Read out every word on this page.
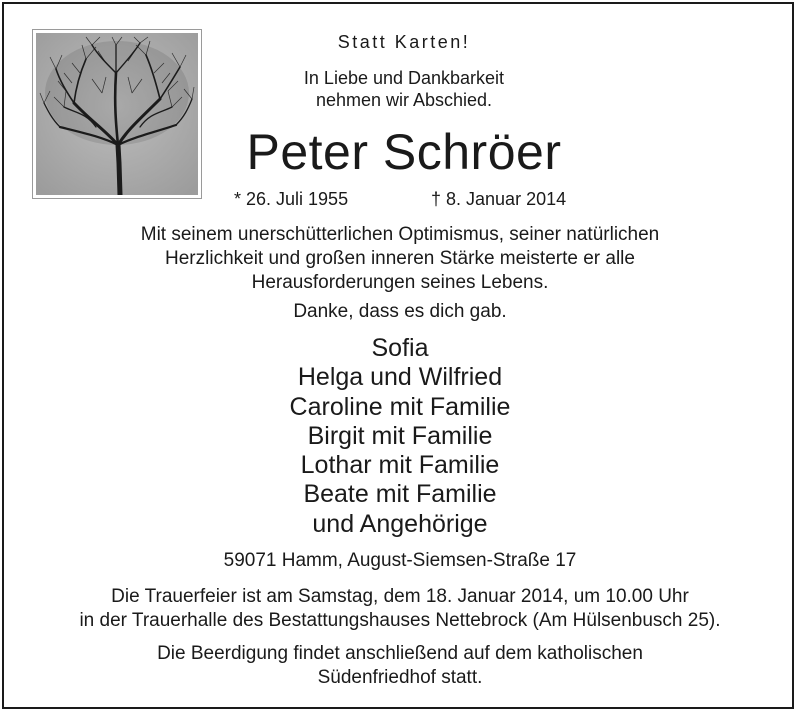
Statt Karten!
In Liebe und Dankbarkeit
nehmen wir Abschied.
Peter Schröer
* 26. Juli 1955	† 8. Januar 2014
Mit seinem unerschütterlichen Optimismus, seiner natürlichen
Herzlichkeit und großen inneren Stärke meisterte er alle
Herausforderungen seines Lebens.
Danke, dass es dich gab.
Sofia
Helga und Wilfried
Caroline mit Familie
Birgit mit Familie
Lothar mit Familie
Beate mit Familie
und Angehörige
59071 Hamm, August-Siemsen-Straße 17
Die Trauerfeier ist am Samstag, dem 18. Januar 2014, um 10.00 Uhr
in der Trauerhalle des Bestattungshauses Nettebrock (Am Hülsenbusch 25).
Die Beerdigung findet anschließend auf dem katholischen
Südenfriedhof statt.
